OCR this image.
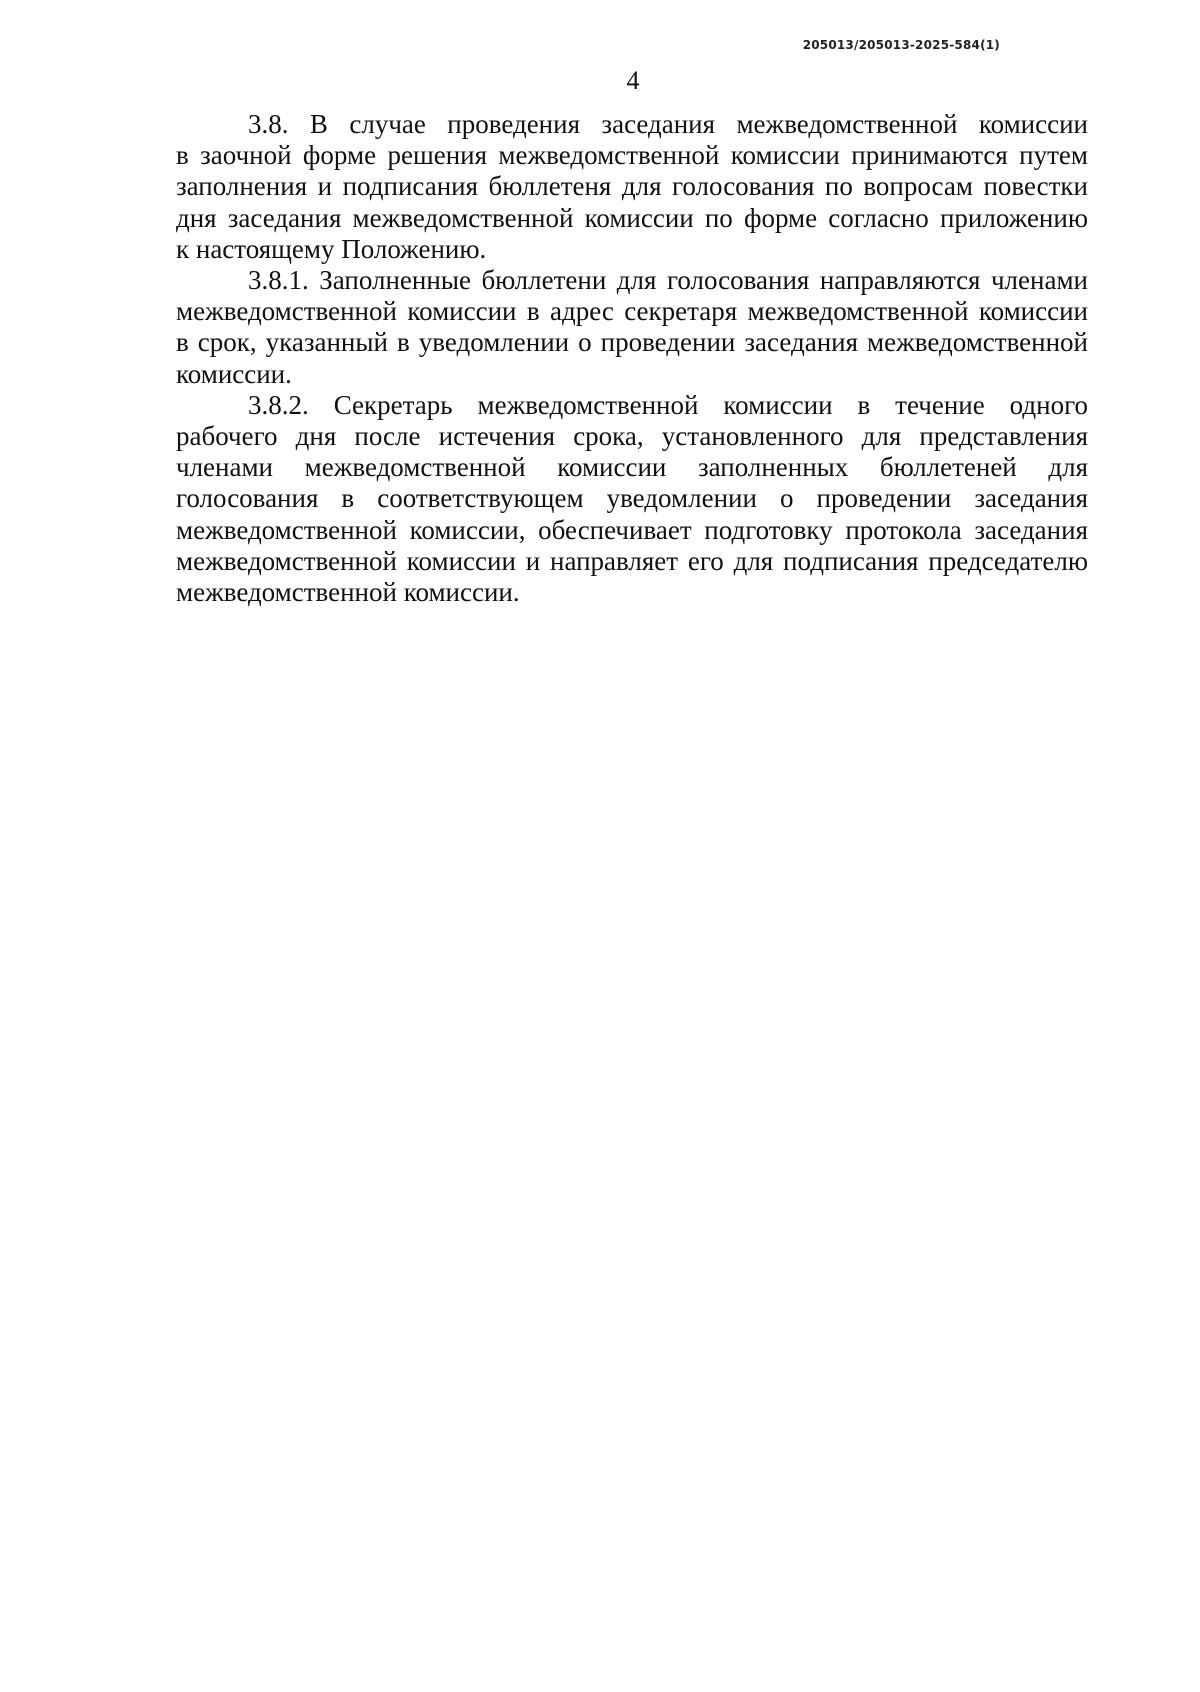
205013/205013-2025-584(1)
4
3.8. В случае проведения заседания межведомственной комиссии
в заочной форме решения межведомственной комиссии принимаются путем
заполнения и подписания бюллетеня для голосования по вопросам повестки
дня заседания межведомственной комиссии по форме согласно приложению
к настоящему Положению.
3.8.1. Заполненные бюллетени для голосования направляются членами
межведомственной комиссии в адрес секретаря межведомственной комиссии
в срок, указанный в уведомлении о проведении заседания межведомственной
комиссии.
3.8.2. Секретарь межведомственной комиссии в течение одного
рабочего дня после истечения срока, установленного для представления
членами межведомственной комиссии заполненных бюллетеней для
голосования в соответствующем уведомлении о проведении заседания
межведомственной комиссии, обеспечивает подготовку протокола заседания
межведомственной комиссии и направляет его для подписания председателю
межведомственной комиссии.
